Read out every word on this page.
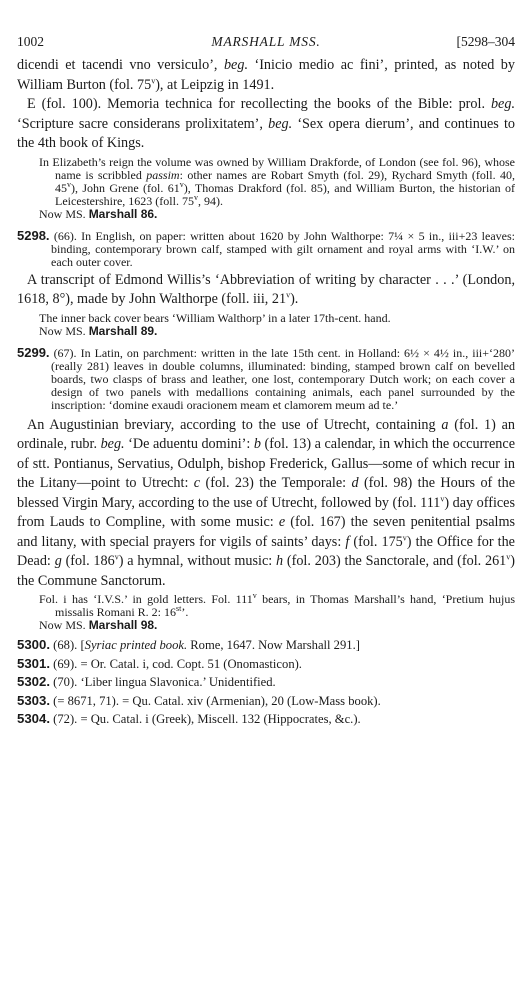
1002	MARSHALL MSS.	[5298–304

dicendi et tacendi vno versiculo’, beg. ‘Inicio medio ac fini’, printed, as noted by William Burton (fol. 75$^v$), at Leipzig in 1491.

E (fol. 100). Memoria technica for recollecting the books of the Bible: prol. beg. ‘Scripture sacre considerans prolixitatem’, beg. ‘Sex opera dierum’, and continues to the 4th book of Kings.

In Elizabeth’s reign the volume was owned by William Drakforde, of London (see fol. 96), whose name is scribbled passim: other names are Robart Smyth (fol. 29), Rychard Smyth (foll. 40, 45$^v$), John Grene (fol. 61$^v$), Thomas Drakford (fol. 85), and William Burton, the historian of Leicestershire, 1623 (foll. 75$^v$, 94).

Now MS. Marshall 86.

5298. (66). In English, on paper: written about 1620 by John Walthorpe: 7¼ × 5 in., iii+23 leaves: binding, contemporary brown calf, stamped with gilt ornament and royal arms with ‘I.W.’ on each outer cover.

A transcript of Edmond Willis’s ‘Abbreviation of writing by character . . .’ (London, 1618, 8°), made by John Walthorpe (foll. iii, 21$^v$).

The inner back cover bears ‘William Walthorp’ in a later 17th-cent. hand.

Now MS. Marshall 89.

5299. (67). In Latin, on parchment: written in the late 15th cent. in Holland: 6½ × 4½ in., iii+‘280’ (really 281) leaves in double columns, illuminated: binding, stamped brown calf on bevelled boards, two clasps of brass and leather, one lost, contemporary Dutch work; on each cover a design of two panels with medallions containing animals, each panel surrounded by the inscription: ‘domine exaudi oracionem meam et clamorem meum ad te.’

An Augustinian breviary, according to the use of Utrecht, containing a (fol. 1) an ordinale, rubr. beg. ‘De aduentu domini’: b (fol. 13) a calendar, in which the occurrence of stt. Pontianus, Servatius, Odulph, bishop Frederick, Gallus—some of which recur in the Litany—point to Utrecht: c (fol. 23) the Temporale: d (fol. 98) the Hours of the blessed Virgin Mary, according to the use of Utrecht, followed by (fol. 111$^v$) day offices from Lauds to Compline, with some music: e (fol. 167) the seven penitential psalms and litany, with special prayers for vigils of saints’ days: f (fol. 175$^v$) the Office for the Dead: g (fol. 186$^v$) a hymnal, without music: h (fol. 203) the Sanctorale, and (fol. 261$^v$) the Commune Sanctorum.

Fol. i has ‘I.V.S.’ in gold letters. Fol. 111$^v$ bears, in Thomas Marshall’s hand, ‘Pretium hujus missalis Romani R. 2: 16st’.

Now MS. Marshall 98.

5300. (68). [Syriac printed book. Rome, 1647. Now Marshall 291.]

5301. (69). = Or. Catal. i, cod. Copt. 51 (Onomasticon).

5302. (70). ‘Liber lingua Slavonica.’ Unidentified.

5303. (= 8671, 71). = Qu. Catal. xiv (Armenian), 20 (Low-Mass book).

5304. (72). = Qu. Catal. i (Greek), Miscell. 132 (Hippocrates, &c.).
